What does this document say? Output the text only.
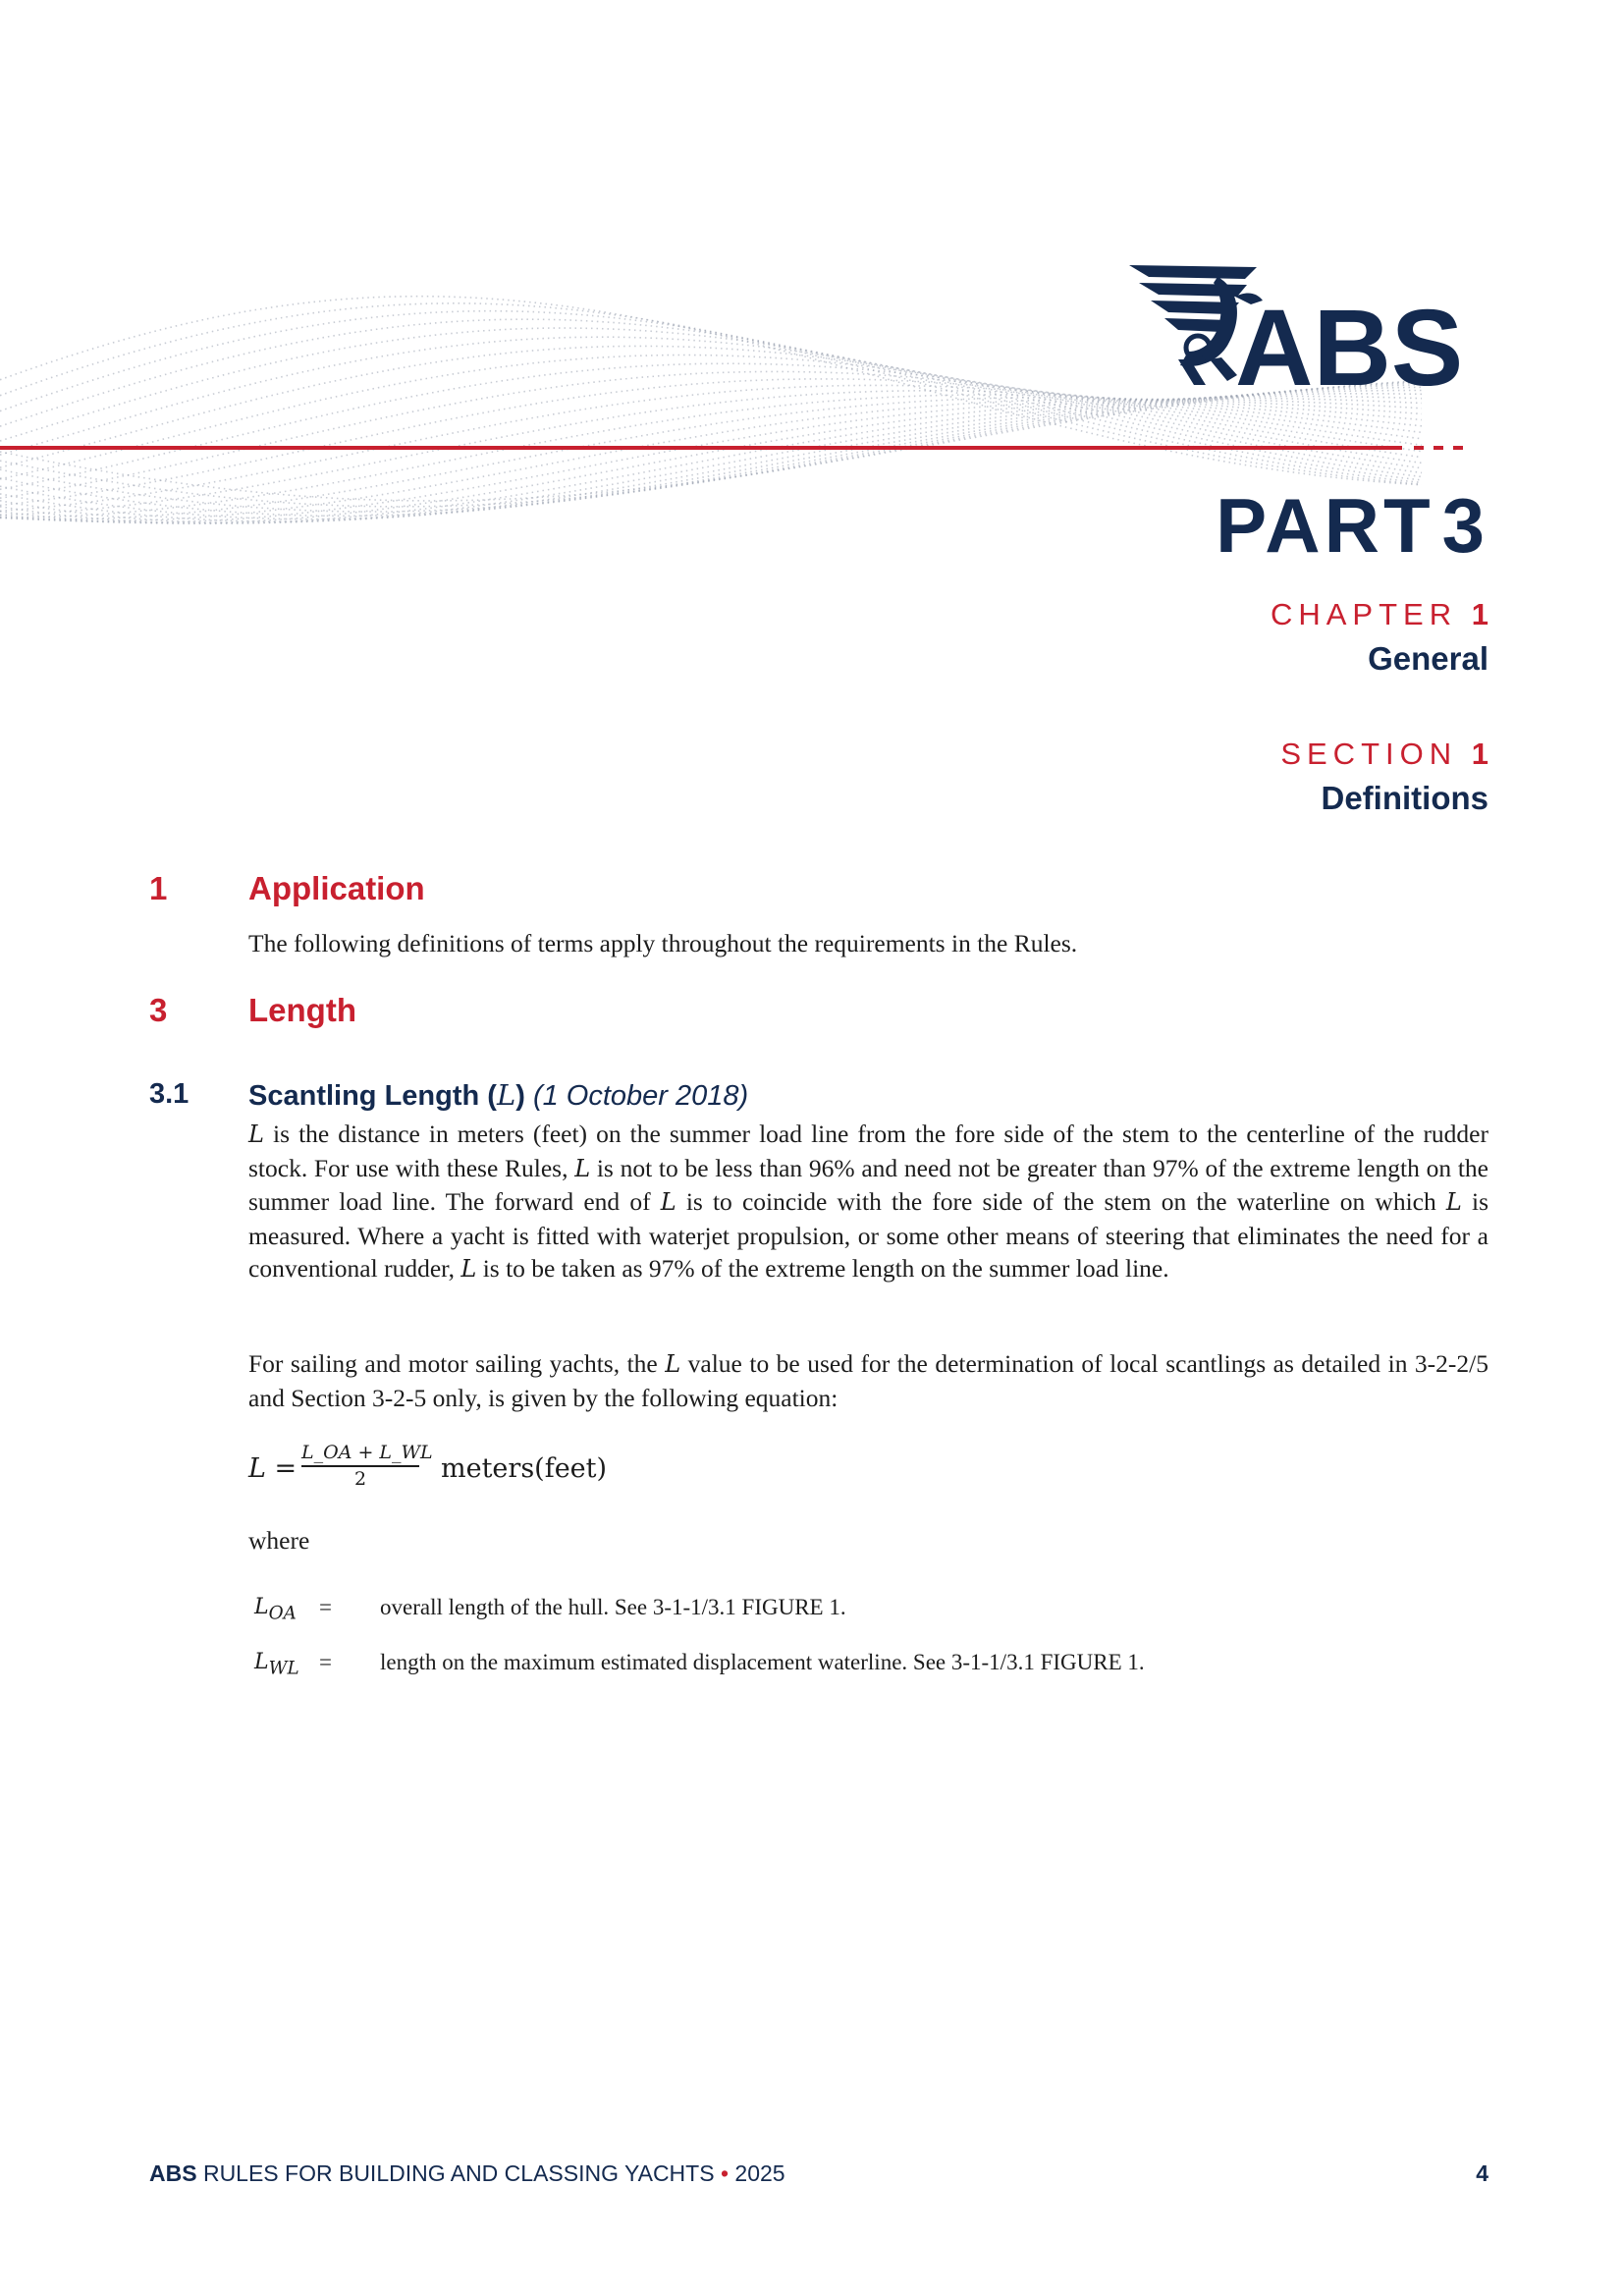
ABS
PART 3
CHAPTER 1
General
SECTION 1
Definitions
1	Application
The following definitions of terms apply throughout the requirements in the Rules.
3	Length
3.1 Scantling Length (L) (1 October 2018)
L is the distance in meters (feet) on the summer load line from the fore side of the stem to the centerline of the rudder stock. For use with these Rules, L is not to be less than 96% and need not be greater than 97% of the extreme length on the summer load line. The forward end of L is to coincide with the fore side of the stem on the waterline on which L is measured. Where a yacht is fitted with waterjet propulsion, or some other means of steering that eliminates the need for a conventional rudder, L is to be taken as 97% of the extreme length on the summer load line.
For sailing and motor sailing yachts, the L value to be used for the determination of local scantlings as detailed in 3-2-2/5 and Section 3-2-5 only, is given by the following equation:
L =
L_OA + L_WL
2	meters(feet)
where
$L_{OA}$ = overall length of the hull. See 3-1-1/3.1 FIGURE 1.
$L_{WL}$ = length on the maximum estimated displacement waterline. See 3-1-1/3.1 FIGURE 1.
ABS RULES FOR BUILDING AND CLASSING YACHTS • 2025	4
